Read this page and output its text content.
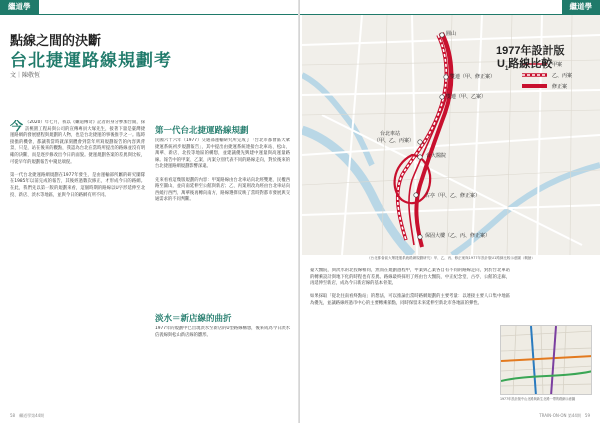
繼道學
點線之間的決斷
台北捷運路線規劃考
文｜陳敬恆
今 （2020）年七月，我以《繼道傳奇》記者的身分參加台開，探訪桃園工程局與公司的宣傳專員大塚先生，接著下量是臺灣捷運路網的發展歷程與規劃的人物，也是台北捷運的事後推手之一。臨時接擔的機會，都讓我當時就深刻體會到當年所寫規劃報告的內容與背景，只是，站在後來的觀點，我認為台北在當時所提出的路線並沒有明確的決斷，而是逐步修改出今日的面貌。捷運規劃各案的差異與比較，可從早年的規劃報告中窺見端倪。

第一代台北捷運路網規劃在1977年發生，是由運輸部所屬的研究團隊在1985年以前完成的報告，其後經過數次修正，才形成今日的路網。在此，我們先以第一版的規劃來看，這個時期的路線以U字形延伸至北投、新店、淡水等地區，並與今日的路網有所不同。
第一代台北捷運路線規劃
民國六十六年（1977）交通部運輸研究所完成了「台北市都會區大眾捷運系統初步規劃報告」，其中提出由捷運系統連接台北車站、松山、萬華、新店、北投等地區的構想，並建議優先興建中運量與高運量路線。報告中的甲案、乙案、丙案分別代表不同的路線走向，對於後來的台北捷運路網規劃影響深遠。

先來看看這幾版規劃的內容：甲案路線由台北車站向北經雙連、民權西路至圓山，並向南延伸至公館與新店；乙、丙案則改為經由台北車站向西繞行西門、萬華後再轉向南方，路線選擇反映了當時對都市發展與交通需求的不同判斷。
淡水＝新店線的曲折
1977年的規劃中已出現淡水至新店的U型路線構想，後來成為今日淡水信義線與松山新店線的雛形。
58　繼道學第44期
繼道學
臺大醫院，與淡水的北投線相同，然而在規劃過程中，甲案與乙案各自有不同的路線走向，對於台北車站的轉乘設計與地下化的時程也有差異。路線最終採用了經由台大醫院、中正紀念堂、古亭、公館的走廊，再延伸至新店，成為今日新店線的基本骨架。

如果採取「從北往南看終點站」的想法，可以推論出當時路網規劃的主要考量：以連接主要人口集中地區為優先，並讓路線經過市中心的主要轉乘節點，同時保留未來延伸至新北市各地區的彈性。
TRAIN-ON-ON 第44期　59
1977年設計版
$U_1$路線比較 甲案
乙、丙案
修正案
圓山
雙連（甲、修正案）
雙連（甲、乙案）
台北車站
（甲、乙、丙案）
台大醫院
古亭（甲、乙、修正案）
保固大樓（乙、丙、修正案）
《台北都會區大眾捷運系統路網規劃研究》甲、乙、丙、修正案與1977年設計版U1路線比較示意圖（概繪）
1977年設計版中山北路與新生北路一帶的路網示意圖
